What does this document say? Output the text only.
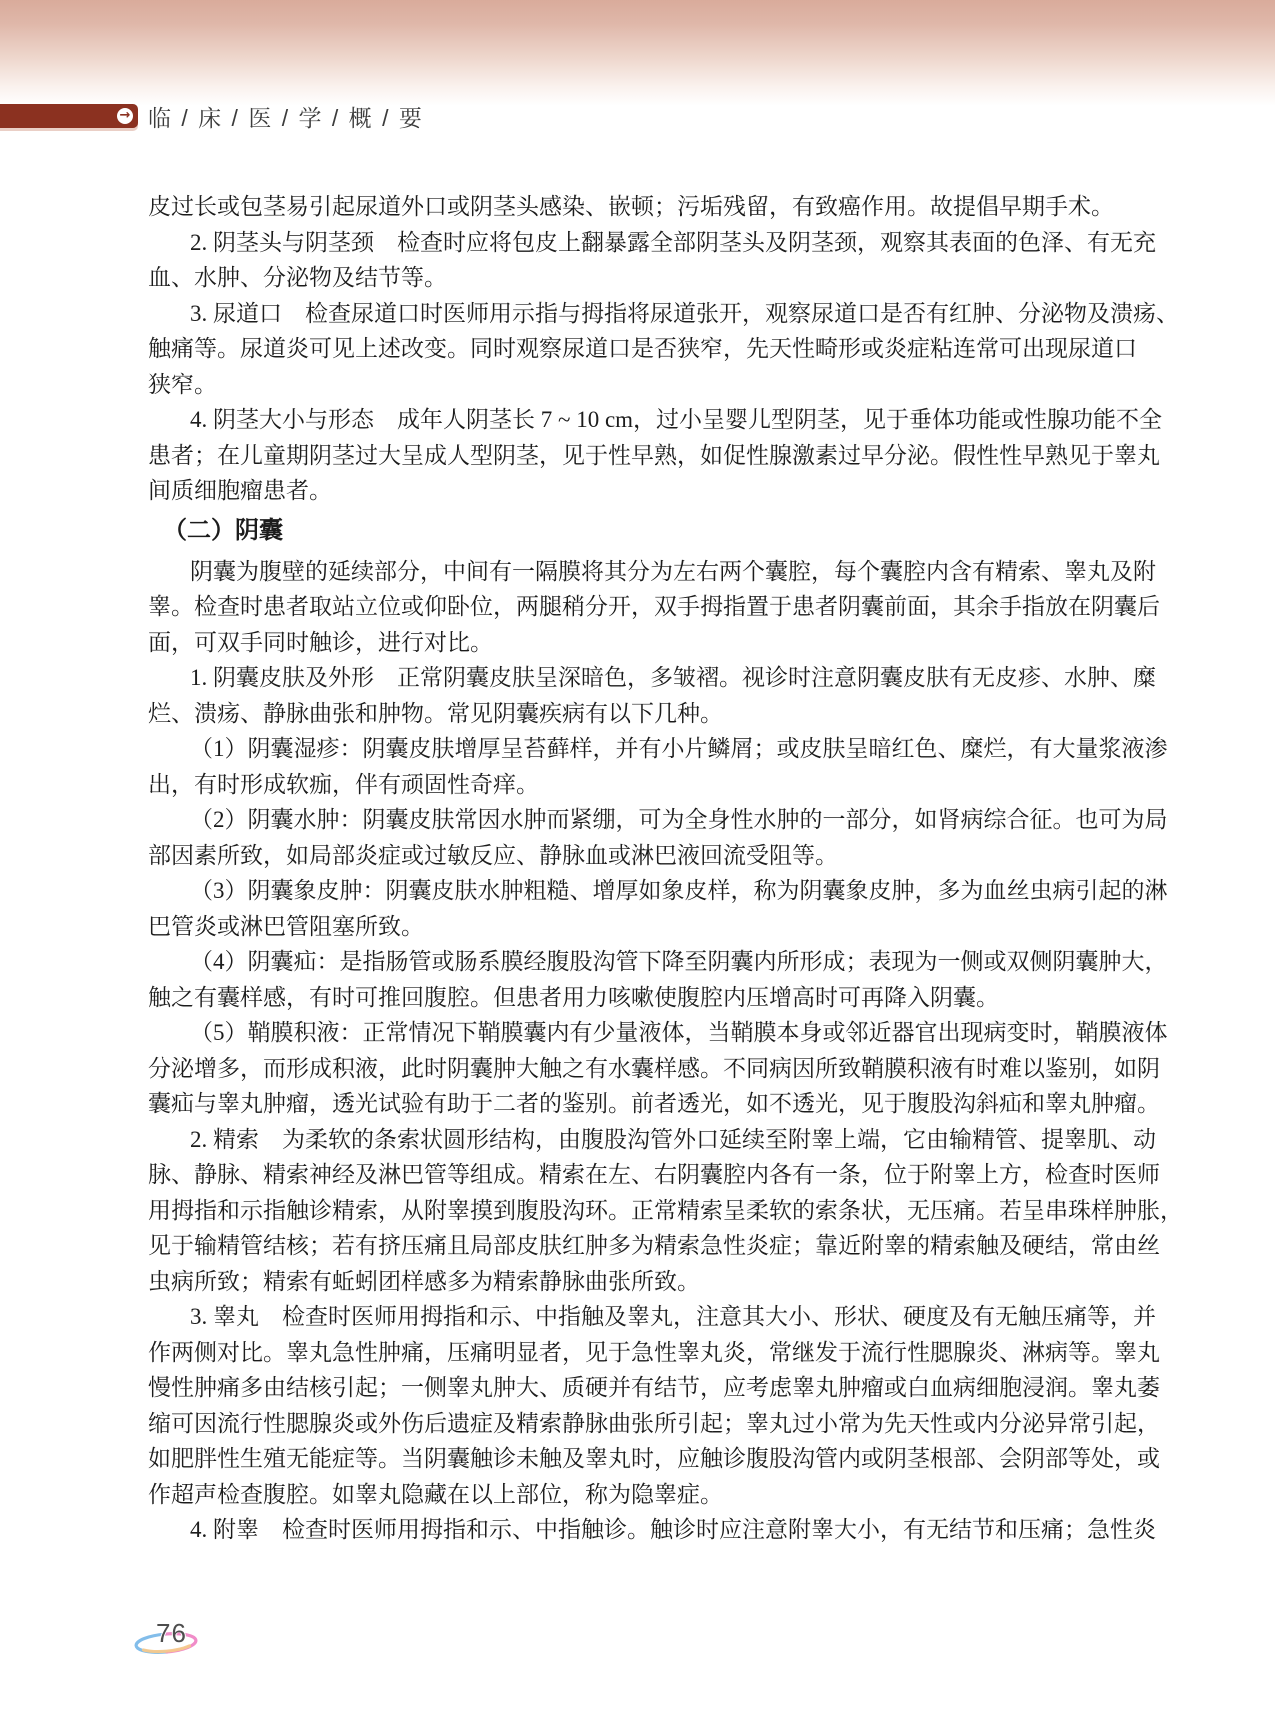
→ 临 / 床 / 医 / 学 / 概 / 要
皮过长或包茎易引起尿道外口或阴茎头感染、嵌顿；污垢残留，有致癌作用。故提倡早期手术。
2. 阴茎头与阴茎颈　检查时应将包皮上翻暴露全部阴茎头及阴茎颈，观察其表面的色泽、有无充
血、水肿、分泌物及结节等。
3. 尿道口　检查尿道口时医师用示指与拇指将尿道张开，观察尿道口是否有红肿、分泌物及溃疡、
触痛等。尿道炎可见上述改变。同时观察尿道口是否狭窄，先天性畸形或炎症粘连常可出现尿道口
狭窄。
4. 阴茎大小与形态　成年人阴茎长 7 ~ 10 cm，过小呈婴儿型阴茎，见于垂体功能或性腺功能不全
患者；在儿童期阴茎过大呈成人型阴茎，见于性早熟，如促性腺激素过早分泌。假性性早熟见于睾丸
间质细胞瘤患者。
（二）阴囊
阴囊为腹壁的延续部分，中间有一隔膜将其分为左右两个囊腔，每个囊腔内含有精索、睾丸及附
睾。检查时患者取站立位或仰卧位，两腿稍分开，双手拇指置于患者阴囊前面，其余手指放在阴囊后
面，可双手同时触诊，进行对比。
1. 阴囊皮肤及外形　正常阴囊皮肤呈深暗色，多皱褶。视诊时注意阴囊皮肤有无皮疹、水肿、糜
烂、溃疡、静脉曲张和肿物。常见阴囊疾病有以下几种。
（1）阴囊湿疹：阴囊皮肤增厚呈苔藓样，并有小片鳞屑；或皮肤呈暗红色、糜烂，有大量浆液渗
出，有时形成软痂，伴有顽固性奇痒。
（2）阴囊水肿：阴囊皮肤常因水肿而紧绷，可为全身性水肿的一部分，如肾病综合征。也可为局
部因素所致，如局部炎症或过敏反应、静脉血或淋巴液回流受阻等。
（3）阴囊象皮肿：阴囊皮肤水肿粗糙、增厚如象皮样，称为阴囊象皮肿，多为血丝虫病引起的淋
巴管炎或淋巴管阻塞所致。
（4）阴囊疝：是指肠管或肠系膜经腹股沟管下降至阴囊内所形成；表现为一侧或双侧阴囊肿大，
触之有囊样感，有时可推回腹腔。但患者用力咳嗽使腹腔内压增高时可再降入阴囊。
（5）鞘膜积液：正常情况下鞘膜囊内有少量液体，当鞘膜本身或邻近器官出现病变时，鞘膜液体
分泌增多，而形成积液，此时阴囊肿大触之有水囊样感。不同病因所致鞘膜积液有时难以鉴别，如阴
囊疝与睾丸肿瘤，透光试验有助于二者的鉴别。前者透光，如不透光，见于腹股沟斜疝和睾丸肿瘤。
2. 精索　为柔软的条索状圆形结构，由腹股沟管外口延续至附睾上端，它由输精管、提睾肌、动
脉、静脉、精索神经及淋巴管等组成。精索在左、右阴囊腔内各有一条，位于附睾上方，检查时医师
用拇指和示指触诊精索，从附睾摸到腹股沟环。正常精索呈柔软的索条状，无压痛。若呈串珠样肿胀，
见于输精管结核；若有挤压痛且局部皮肤红肿多为精索急性炎症；靠近附睾的精索触及硬结，常由丝
虫病所致；精索有蚯蚓团样感多为精索静脉曲张所致。
3. 睾丸　检查时医师用拇指和示、中指触及睾丸，注意其大小、形状、硬度及有无触压痛等，并
作两侧对比。睾丸急性肿痛，压痛明显者，见于急性睾丸炎，常继发于流行性腮腺炎、淋病等。睾丸
慢性肿痛多由结核引起；一侧睾丸肿大、质硬并有结节，应考虑睾丸肿瘤或白血病细胞浸润。睾丸萎
缩可因流行性腮腺炎或外伤后遗症及精索静脉曲张所引起；睾丸过小常为先天性或内分泌异常引起，
如肥胖性生殖无能症等。当阴囊触诊未触及睾丸时，应触诊腹股沟管内或阴茎根部、会阴部等处，或
作超声检查腹腔。如睾丸隐藏在以上部位，称为隐睾症。
4. 附睾　检查时医师用拇指和示、中指触诊。触诊时应注意附睾大小，有无结节和压痛；急性炎
76
